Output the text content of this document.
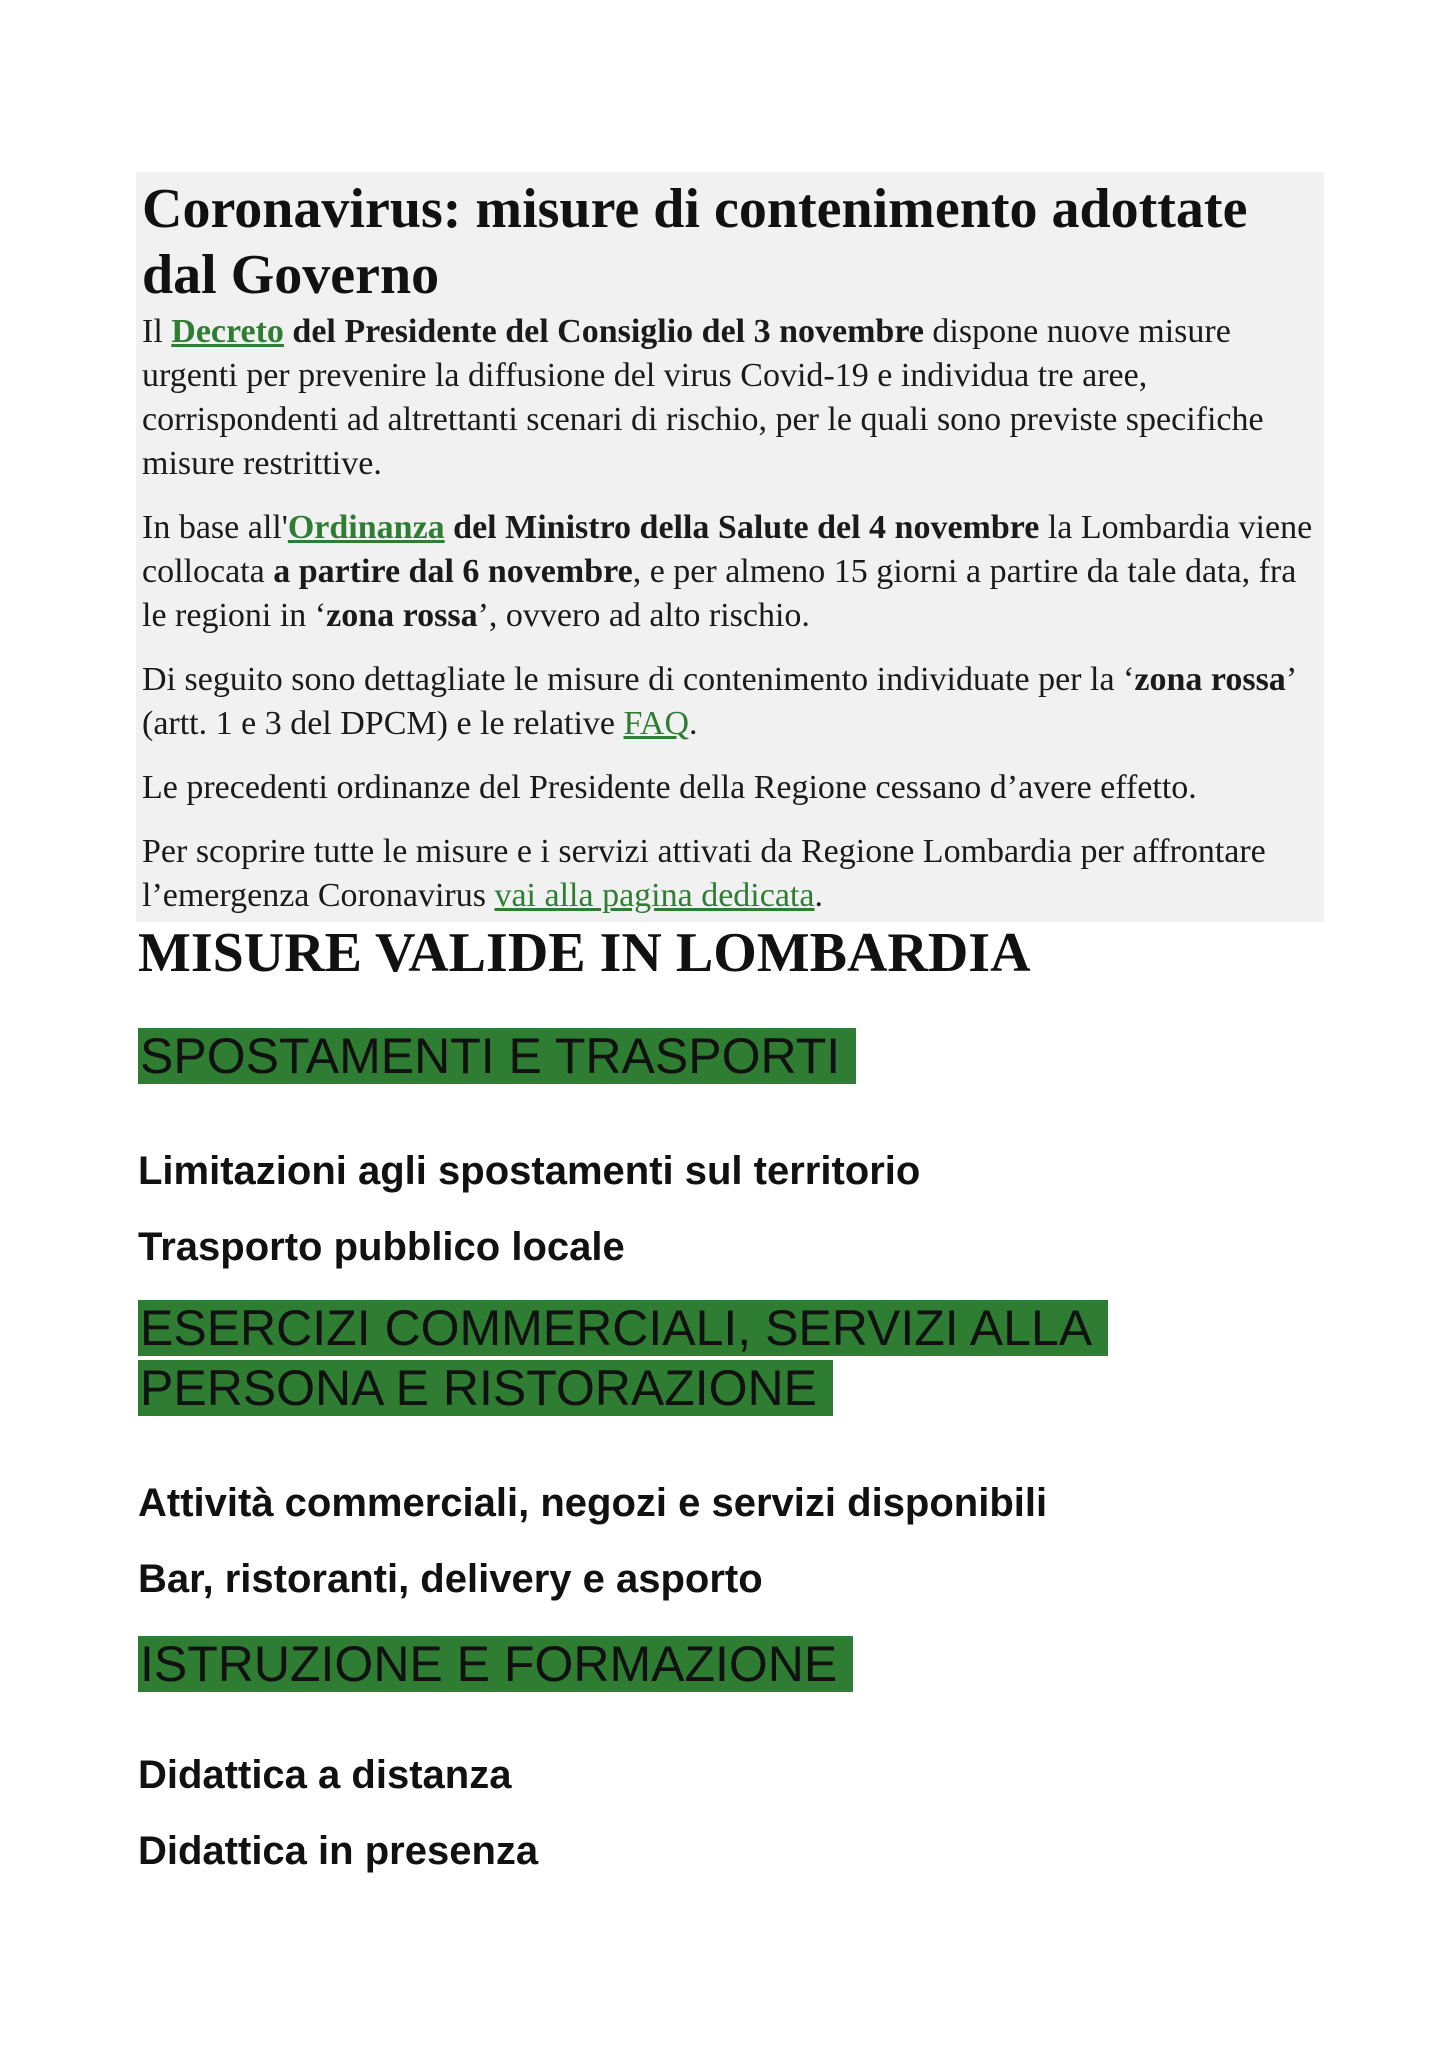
Coronavirus: misure di contenimento adottate dal Governo

Il Decreto del Presidente del Consiglio del 3 novembre dispone nuove misure urgenti per prevenire la diffusione del virus Covid-19 e individua tre aree, corrispondenti ad altrettanti scenari di rischio, per le quali sono previste specifiche misure restrittive.

In base all'Ordinanza del Ministro della Salute del 4 novembre la Lombardia viene collocata a partire dal 6 novembre, e per almeno 15 giorni a partire da tale data, fra le regioni in ‘zona rossa’, ovvero ad alto rischio.

Di seguito sono dettagliate le misure di contenimento individuate per la ‘zona rossa’ (artt. 1 e 3 del DPCM) e le relative FAQ.

Le precedenti ordinanze del Presidente della Regione cessano d’avere effetto.

Per scoprire tutte le misure e i servizi attivati da Regione Lombardia per affrontare l’emergenza Coronavirus vai alla pagina dedicata.

MISURE VALIDE IN LOMBARDIA
SPOSTAMENTI E TRASPORTI
Limitazioni agli spostamenti sul territorio
Trasporto pubblico locale
ESERCIZI COMMERCIALI, SERVIZI ALLA PERSONA E RISTORAZIONE
Attività commerciali, negozi e servizi disponibili
Bar, ristoranti, delivery e asporto
ISTRUZIONE E FORMAZIONE
Didattica a distanza
Didattica in presenza
